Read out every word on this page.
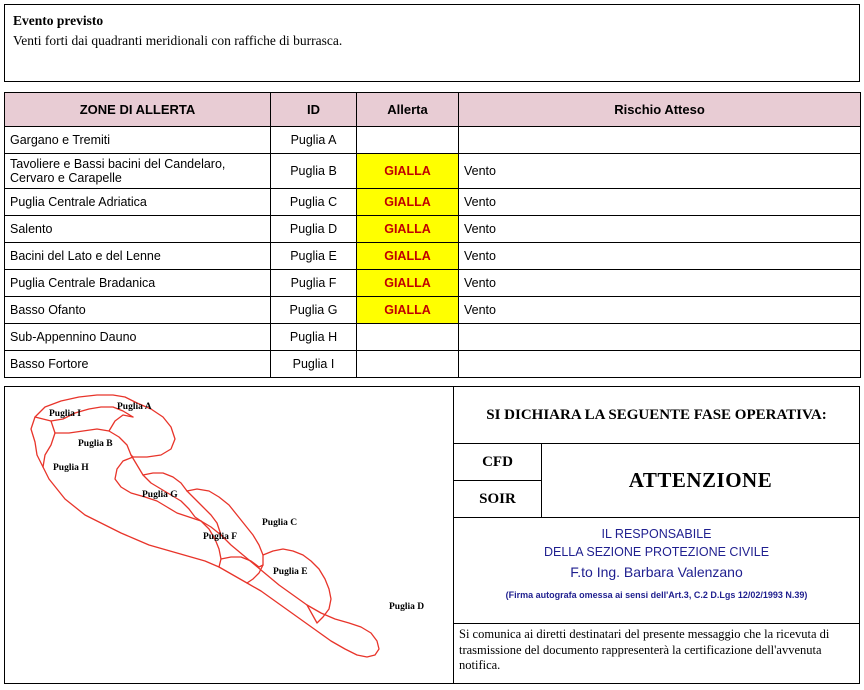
Evento previsto
Venti forti dai quadranti meridionali con raffiche di burrasca.
ZONE DI ALLERTA	ID	Allerta	Rischio Atteso
Gargano e Tremiti	Puglia A		
Tavoliere e Bassi bacini del Candelaro, Cervaro e Carapelle	Puglia B	GIALLA	Vento
Puglia Centrale Adriatica	Puglia C	GIALLA	Vento
Salento	Puglia D	GIALLA	Vento
Bacini del Lato e del Lenne	Puglia E	GIALLA	Vento
Puglia Centrale Bradanica	Puglia F	GIALLA	Vento
Basso Ofanto	Puglia G	GIALLA	Vento
Sub-Appennino Dauno	Puglia H		
Basso Fortore	Puglia I		
Puglia I
Puglia A
Puglia B
Puglia H
Puglia G
Puglia C
Puglia F
Puglia E
Puglia D
SI DICHIARA LA SEGUENTE FASE OPERATIVA:
CFD
SOIR
ATTENZIONE
IL RESPONSABILE
DELLA SEZIONE PROTEZIONE CIVILE
F.to Ing. Barbara Valenzano
(Firma autografa omessa ai sensi dell'Art.3, C.2 D.Lgs 12/02/1993 N.39)
Si comunica ai diretti destinatari del presente messaggio che la ricevuta di trasmissione del documento rappresenterà la certificazione dell'avvenuta notifica.
